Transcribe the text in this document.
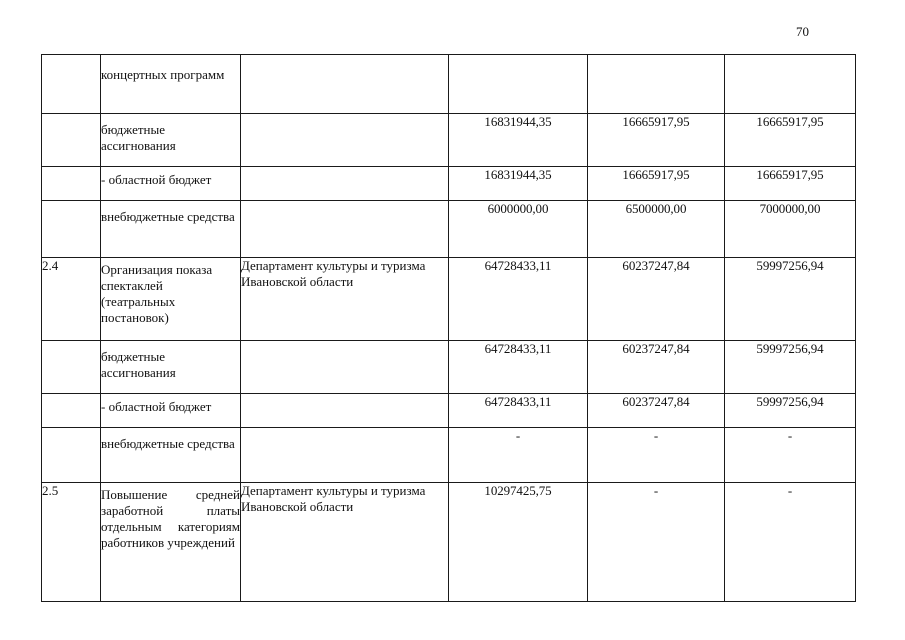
70
	концертных программ				
	бюджетные ассигнования		16831944,35	16665917,95	16665917,95
	- областной бюджет		16831944,35	16665917,95	16665917,95
	внебюджетные средства		6000000,00	6500000,00	7000000,00
2.4	Организация показа спектаклей (театральных постановок)	Департамент культуры и туризма Ивановской области	64728433,11	60237247,84	59997256,94
	бюджетные ассигнования		64728433,11	60237247,84	59997256,94
	- областной бюджет		64728433,11	60237247,84	59997256,94
	внебюджетные средства		-	-	-
2.5	Повышение средней заработной платы отдельным категориям работников учреждений	Департамент культуры и туризма Ивановской области	10297425,75	-	-
